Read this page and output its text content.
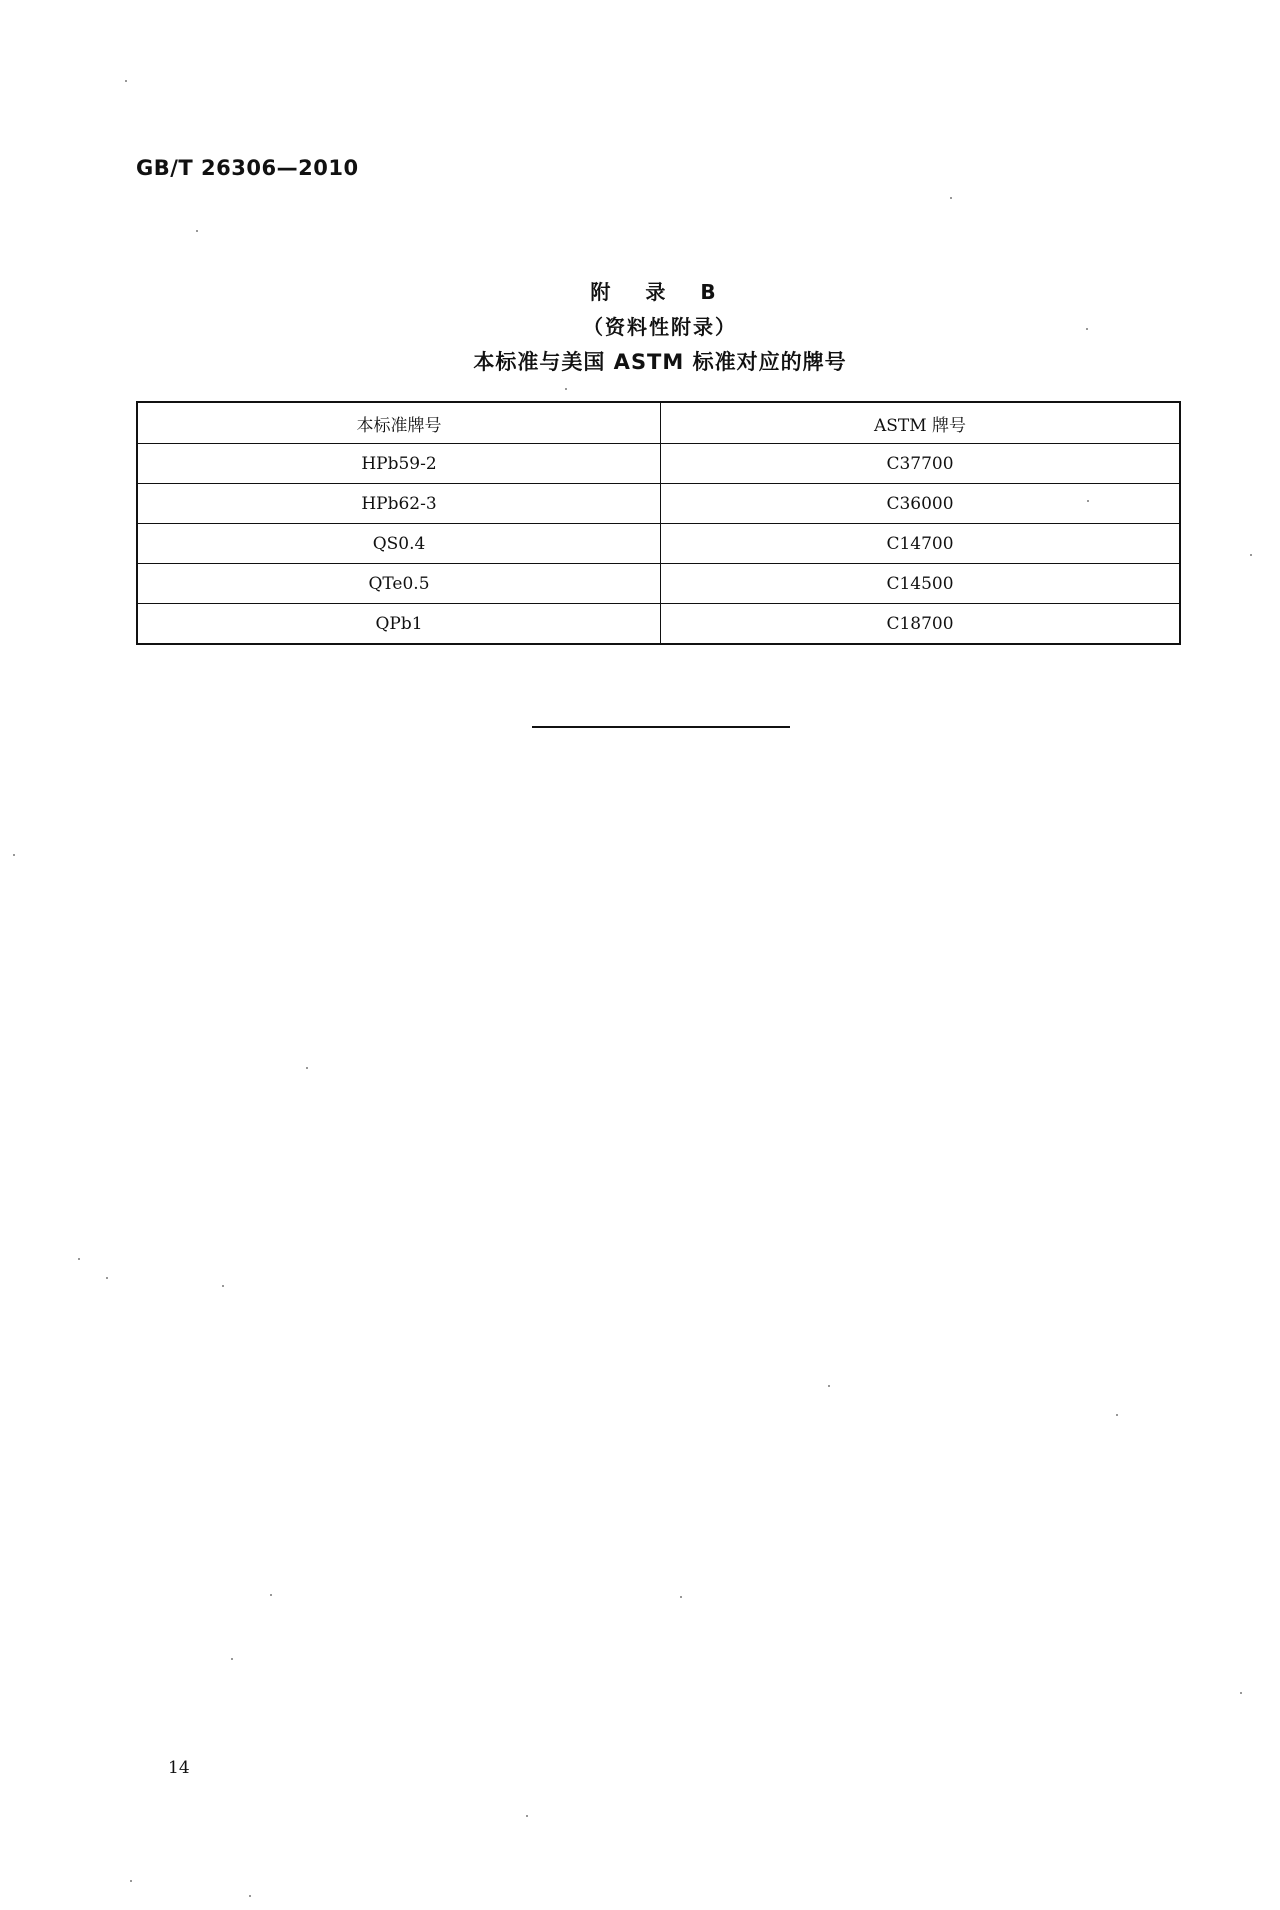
GB/T 26306—2010
附 录 B
（资料性附录）
本标准与美国 ASTM 标准对应的牌号
本标准牌号	ASTM 牌号
HPb59-2	C37700
HPb62-3	C36000
QS0.4	C14700
QTe0.5	C14500
QPb1	C18700
14
